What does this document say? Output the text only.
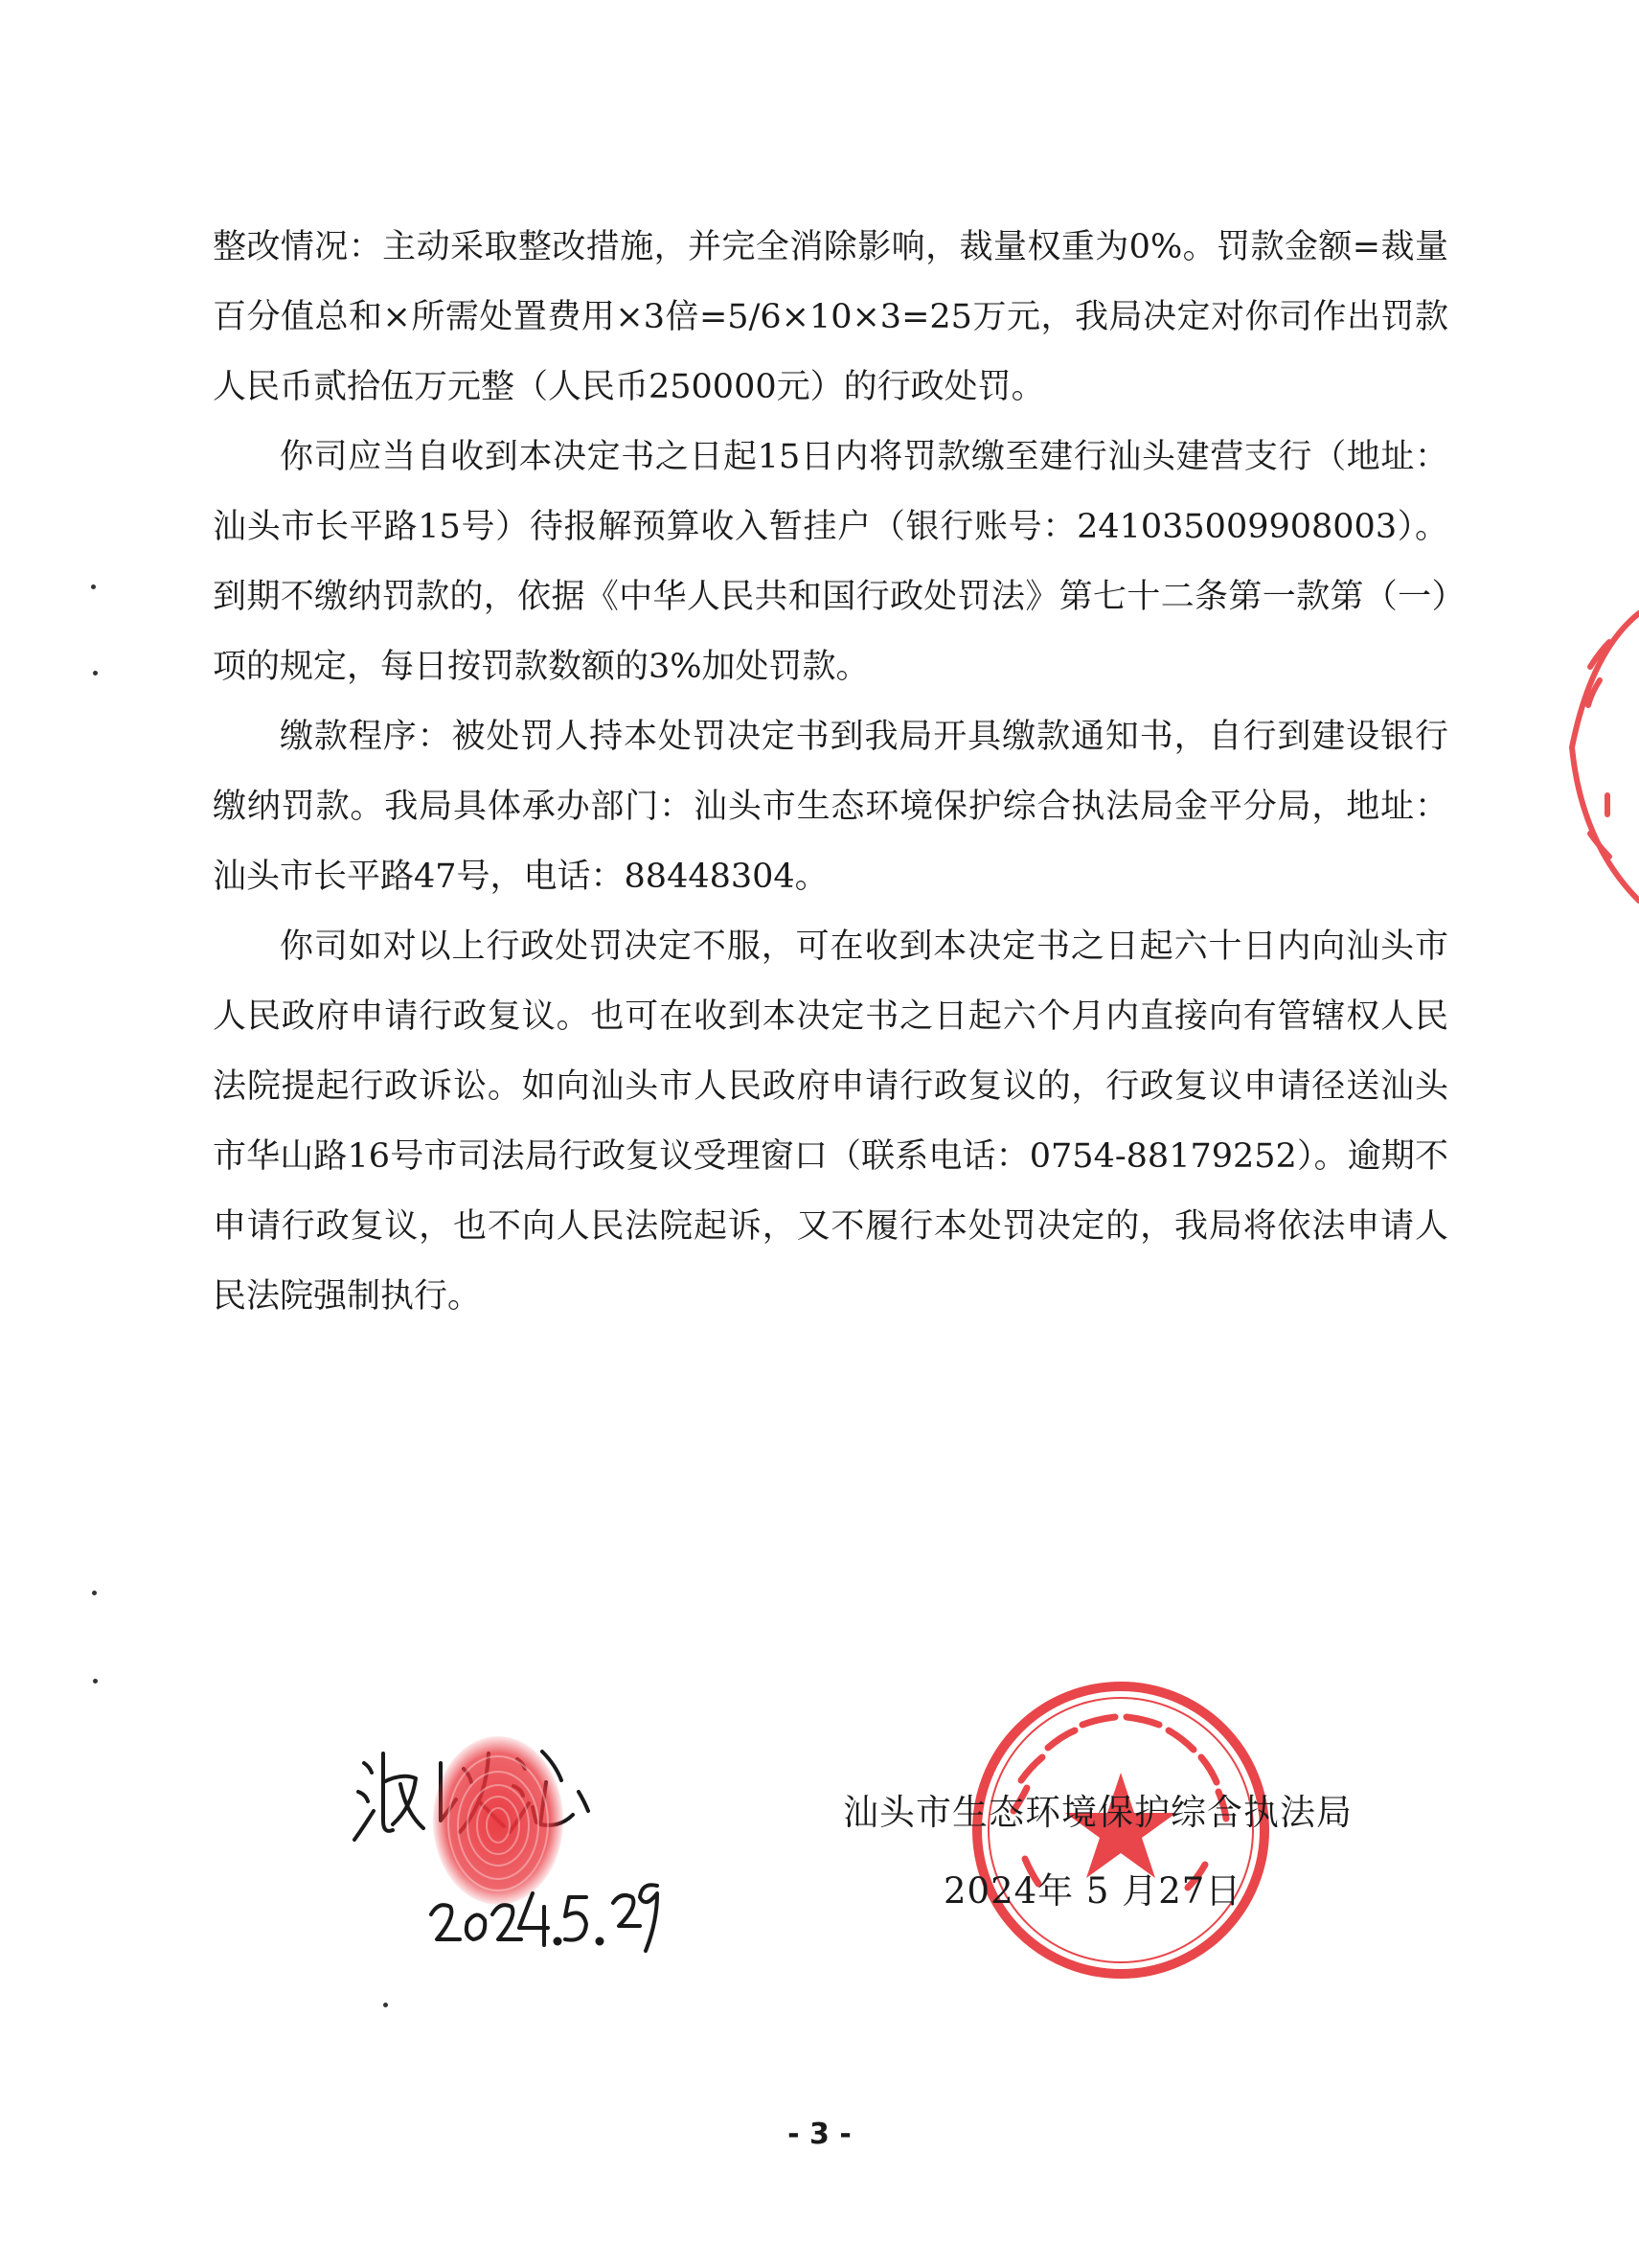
整改情况：主动采取整改措施，并完全消除影响，裁量权重为0%。罚款金额=裁量百分值总和×所需处置费用×3倍=5/6×10×3=25万元，我局决定对你司作出罚款人民币贰拾伍万元整（人民币250000元）的行政处罚。

你司应当自收到本决定书之日起15日内将罚款缴至建行汕头建营支行（地址：汕头市长平路15号）待报解预算收入暂挂户（银行账号：241035009908003）。到期不缴纳罚款的，依据《中华人民共和国行政处罚法》第七十二条第一款第（一）项的规定，每日按罚款数额的3%加处罚款。

缴款程序：被处罚人持本处罚决定书到我局开具缴款通知书，自行到建设银行缴纳罚款。我局具体承办部门：汕头市生态环境保护综合执法局金平分局，地址：汕头市长平路47号，电话：88448304。

你司如对以上行政处罚决定不服，可在收到本决定书之日起六十日内向汕头市人民政府申请行政复议。也可在收到本决定书之日起六个月内直接向有管辖权人民法院提起行政诉讼。如向汕头市人民政府申请行政复议的，行政复议申请径送汕头市华山路16号市司法局行政复议受理窗口（联系电话：0754-88179252）。逾期不申请行政复议，也不向人民法院起诉，又不履行本处罚决定的，我局将依法申请人民法院强制执行。

汕头市生态环境保护综合执法局
2024年 5 月27日
- 3 -
